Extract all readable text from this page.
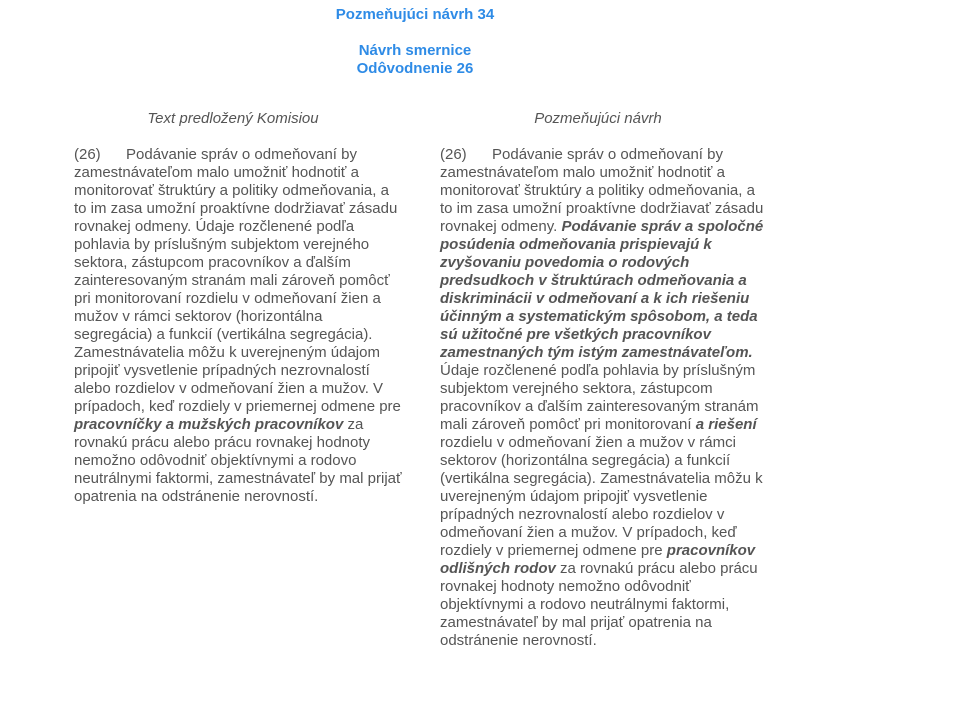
Pozmeňujúci návrh 34
Návrh smernice
Odôvodnenie 26
Text predložený Komisiou	Pozmeňujúci návrh

(26) Podávanie správ o odmeňovaní by zamestnávateľom malo umožniť hodnotiť a monitorovať štruktúry a politiky odmeňovania, a to im zasa umožní proaktívne dodržiavať zásadu rovnakej odmeny. Údaje rozčlenené podľa pohlavia by príslušným subjektom verejného sektora, zástupcom pracovníkov a ďalším zainteresovaným stranám mali zároveň pomôcť pri monitorovaní rozdielu v odmeňovaní žien a mužov v rámci sektorov (horizontálna segregácia) a funkcií (vertikálna segregácia). Zamestnávatelia môžu k uverejneným údajom pripojiť vysvetlenie prípadných nezrovnalostí alebo rozdielov v odmeňovaní žien a mužov. V prípadoch, keď rozdiely v priemernej odmene pre pracovníčky a mužských pracovníkov za rovnakú prácu alebo prácu rovnakej hodnoty nemožno odôvodniť objektívnymi a rodovo neutrálnymi faktormi, zamestnávateľ by mal prijať opatrenia na odstránenie nerovností.

(26) Podávanie správ o odmeňovaní by zamestnávateľom malo umožniť hodnotiť a monitorovať štruktúry a politiky odmeňovania, a to im zasa umožní proaktívne dodržiavať zásadu rovnakej odmeny. Podávanie správ a spoločné posúdenia odmeňovania prispievajú k zvyšovaniu povedomia o rodových predsudkoch v štruktúrach odmeňovania a diskriminácii v odmeňovaní a k ich riešeniu účinným a systematickým spôsobom, a teda sú užitočné pre všetkých pracovníkov zamestnaných tým istým zamestnávateľom. Údaje rozčlenené podľa pohlavia by príslušným subjektom verejného sektora, zástupcom pracovníkov a ďalším zainteresovaným stranám mali zároveň pomôcť pri monitorovaní a riešení rozdielu v odmeňovaní žien a mužov v rámci sektorov (horizontálna segregácia) a funkcií (vertikálna segregácia). Zamestnávatelia môžu k uverejneným údajom pripojiť vysvetlenie prípadných nezrovnalostí alebo rozdielov v odmeňovaní žien a mužov. V prípadoch, keď rozdiely v priemernej odmene pre pracovníkov odlišných rodov za rovnakú prácu alebo prácu rovnakej hodnoty nemožno odôvodniť objektívnymi a rodovo neutrálnymi faktormi, zamestnávateľ by mal prijať opatrenia na odstránenie nerovností.
